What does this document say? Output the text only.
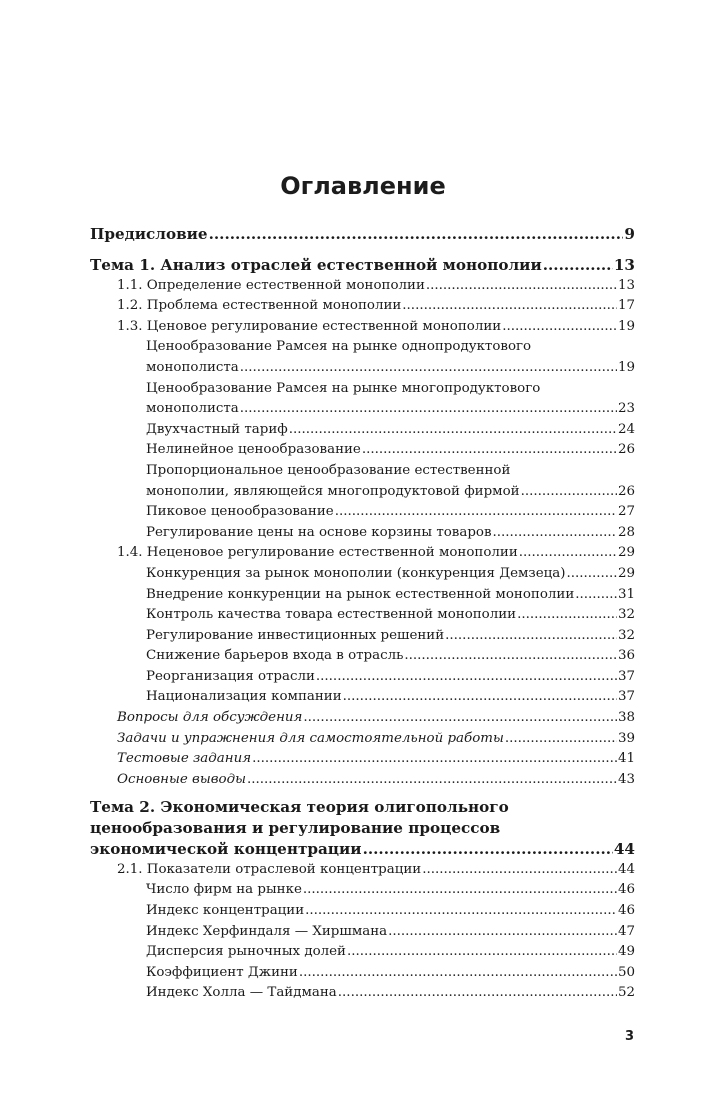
Оглавление
Предисловие .....	9
Тема 1. Анализ отраслей естественной монополии .....	13
1.1. Определение естественной монополии .....	13
1.2. Проблема естественной монополии .....	17
1.3. Ценовое регулирование естественной монополии .....	19
Ценообразование Рамсея на рынке однопродуктового
монополиста .....	19
Ценообразование Рамсея на рынке многопродуктового
монополиста .....	23
Двухчастный тариф .....	24
Нелинейное ценообразование .....	26
Пропорциональное ценообразование естественной
монополии, являющейся многопродуктовой фирмой .....	26
Пиковое ценообразование .....	27
Регулирование цены на основе корзины товаров .....	28
1.4. Неценовое регулирование естественной монополии .....	29
Конкуренция за рынок монополии (конкуренция Демзеца) .....	29
Внедрение конкуренции на рынок естественной монополии .....	31
Контроль качества товара естественной монополии .....	32
Регулирование инвестиционных решений .....	32
Снижение барьеров входа в отрасль .....	36
Реорганизация отрасли .....	37
Национализация компании .....	37
Вопросы для обсуждения .....	38
Задачи и упражнения для самостоятельной работы .....	39
Тестовые задания .....	41
Основные выводы .....	43
Тема 2. Экономическая теория олигопольного
ценообразования и регулирование процессов
экономической концентрации .....	44
2.1. Показатели отраслевой концентрации .....	44
Число фирм на рынке .....	46
Индекс концентрации .....	46
Индекс Херфиндаля — Хиршмана .....	47
Дисперсия рыночных долей .....	49
Коэффициент Джини .....	50
Индекс Холла — Тайдмана .....	52
3
